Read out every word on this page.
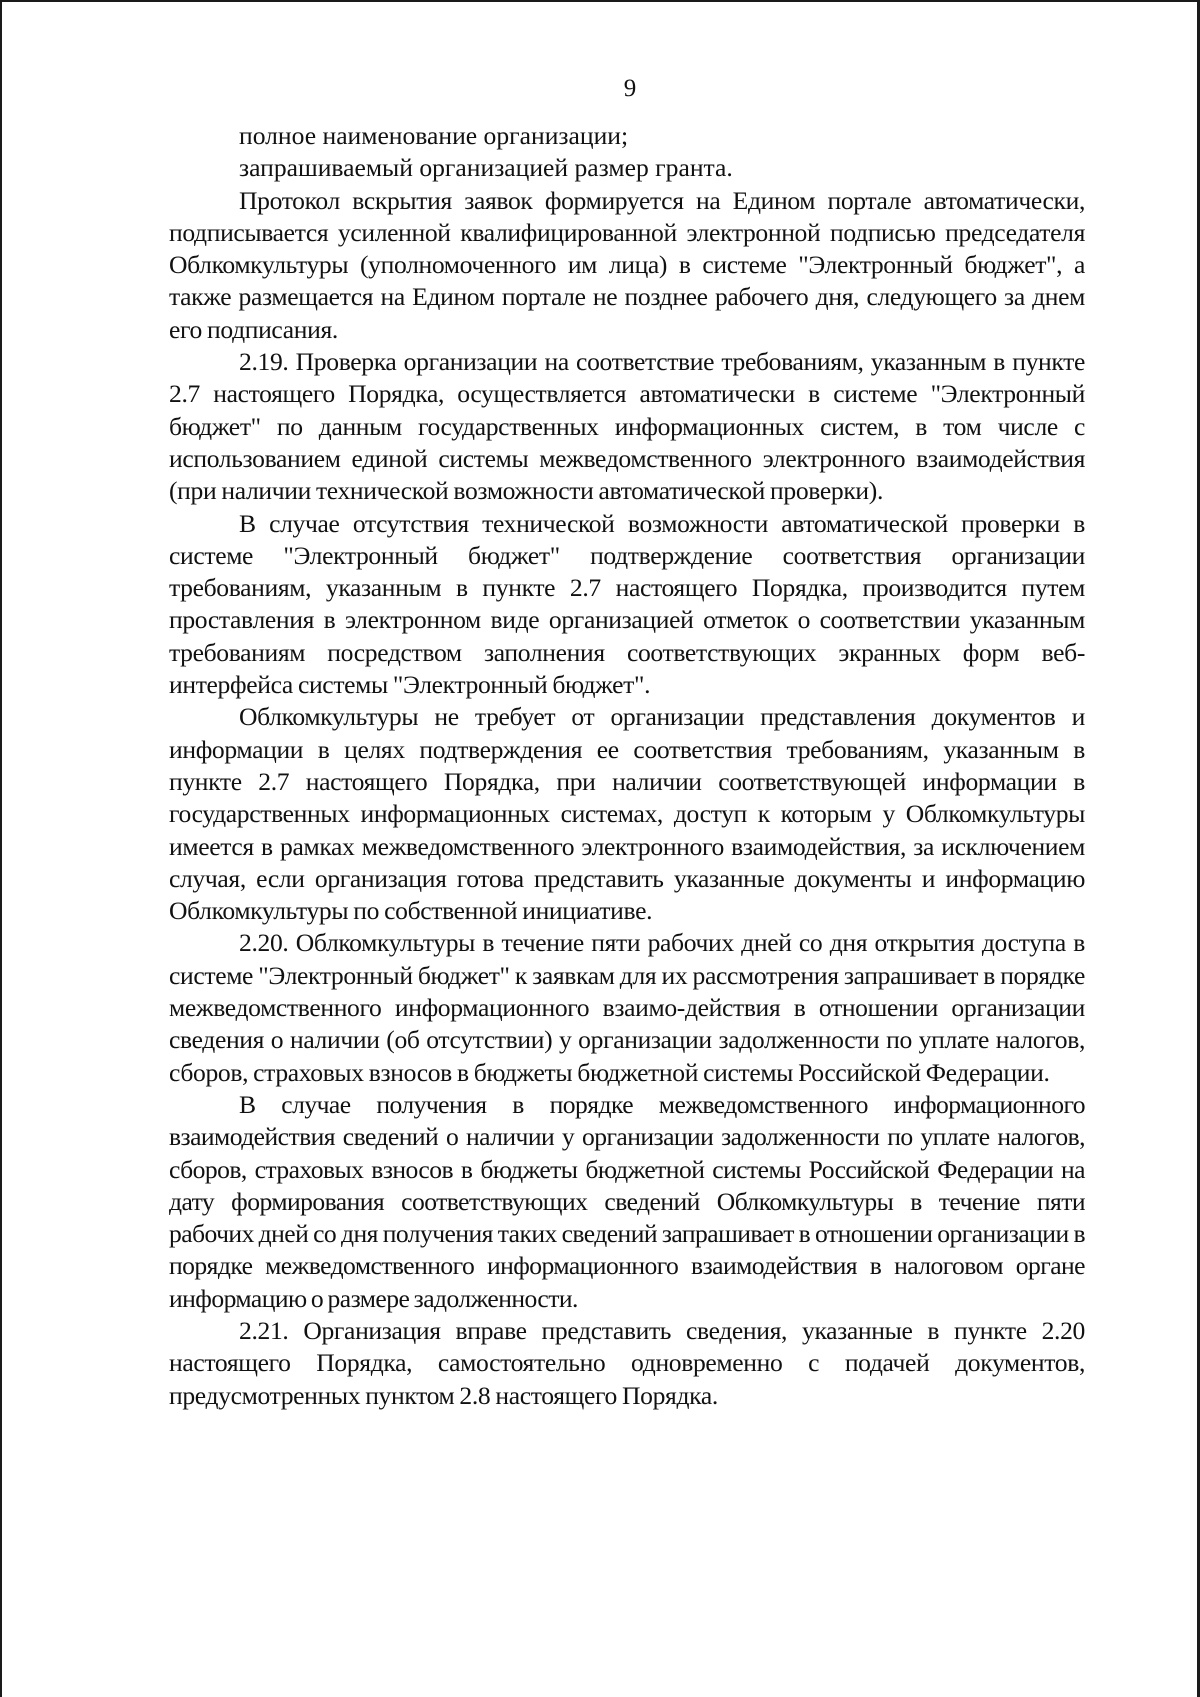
9

полное наименование организации;

запрашиваемый организацией размер гранта.

Протокол вскрытия заявок формируется на Едином портале автоматически, подписывается усиленной квалифицированной электронной подписью председателя Облкомкультуры (уполномоченного им лица) в системе "Электронный бюджет", а также размещается на Едином портале не позднее рабочего дня, следующего за днем его подписания.

2.19. Проверка организации на соответствие требованиям, указанным в пункте 2.7 настоящего Порядка, осуществляется автоматически в системе "Электронный бюджет" по данным государственных информационных систем, в том числе с использованием единой системы межведомственного электронного взаимодействия (при наличии технической возможности автоматической проверки).

В случае отсутствия технической возможности автоматической проверки в системе "Электронный бюджет" подтверждение соответствия организации требованиям, указанным в пункте 2.7 настоящего Порядка, производится путем проставления в электронном виде организацией отметок о соответствии указанным требованиям посредством заполнения соответствующих экранных форм веб-интерфейса системы "Электронный бюджет".

Облкомкультуры не требует от организации представления документов и информации в целях подтверждения ее соответствия требованиям, указанным в пункте 2.7 настоящего Порядка, при наличии соответствующей информации в государственных информационных системах, доступ к которым у Облкомкультуры имеется в рамках межведомственного электронного взаимодействия, за исключением случая, если организация готова представить указанные документы и информацию Облкомкультуры по собственной инициативе.

2.20. Облкомкультуры в течение пяти рабочих дней со дня открытия доступа в системе "Электронный бюджет" к заявкам для их рассмотрения запрашивает в порядке межведомственного информационного взаимо-действия в отношении организации сведения о наличии (об отсутствии) у организации задолженности по уплате налогов, сборов, страховых взносов в бюджеты бюджетной системы Российской Федерации.

В случае получения в порядке межведомственного информационного взаимодействия сведений о наличии у организации задолженности по уплате налогов, сборов, страховых взносов в бюджеты бюджетной системы Российской Федерации на дату формирования соответствующих сведений Облкомкультуры в течение пяти рабочих дней со дня получения таких сведений запрашивает в отношении организации в порядке межведомственного информационного взаимодействия в налоговом органе информацию о размере задолженности.

2.21. Организация вправе представить сведения, указанные в пункте 2.20 настоящего Порядка, самостоятельно одновременно с подачей документов, предусмотренных пунктом 2.8 настоящего Порядка.
